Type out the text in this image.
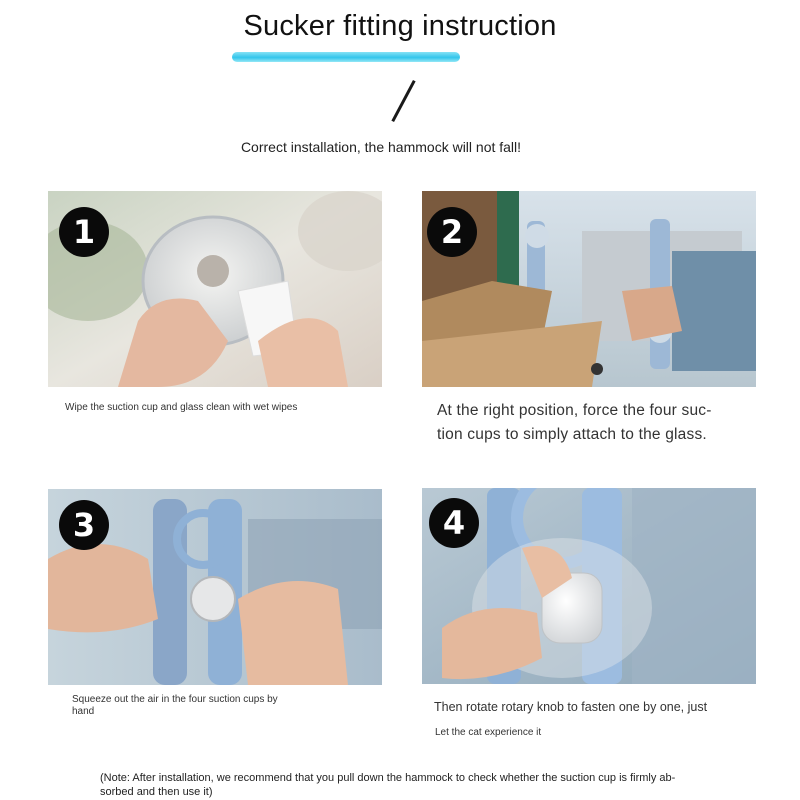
Sucker fitting instruction
Correct installation, the hammock will not fall!
1
Wipe the suction cup and glass clean with wet wipes
2
At the right position, force the four suc-
tion cups to simply attach to the glass.
3
Squeeze out the air in the four suction cups by
hand
4
Then rotate rotary knob to fasten one by one, just
Let the cat experience it
(Note: After installation, we recommend that you pull down the hammock to check whether the suction cup is firmly ab-
sorbed and then use it)
